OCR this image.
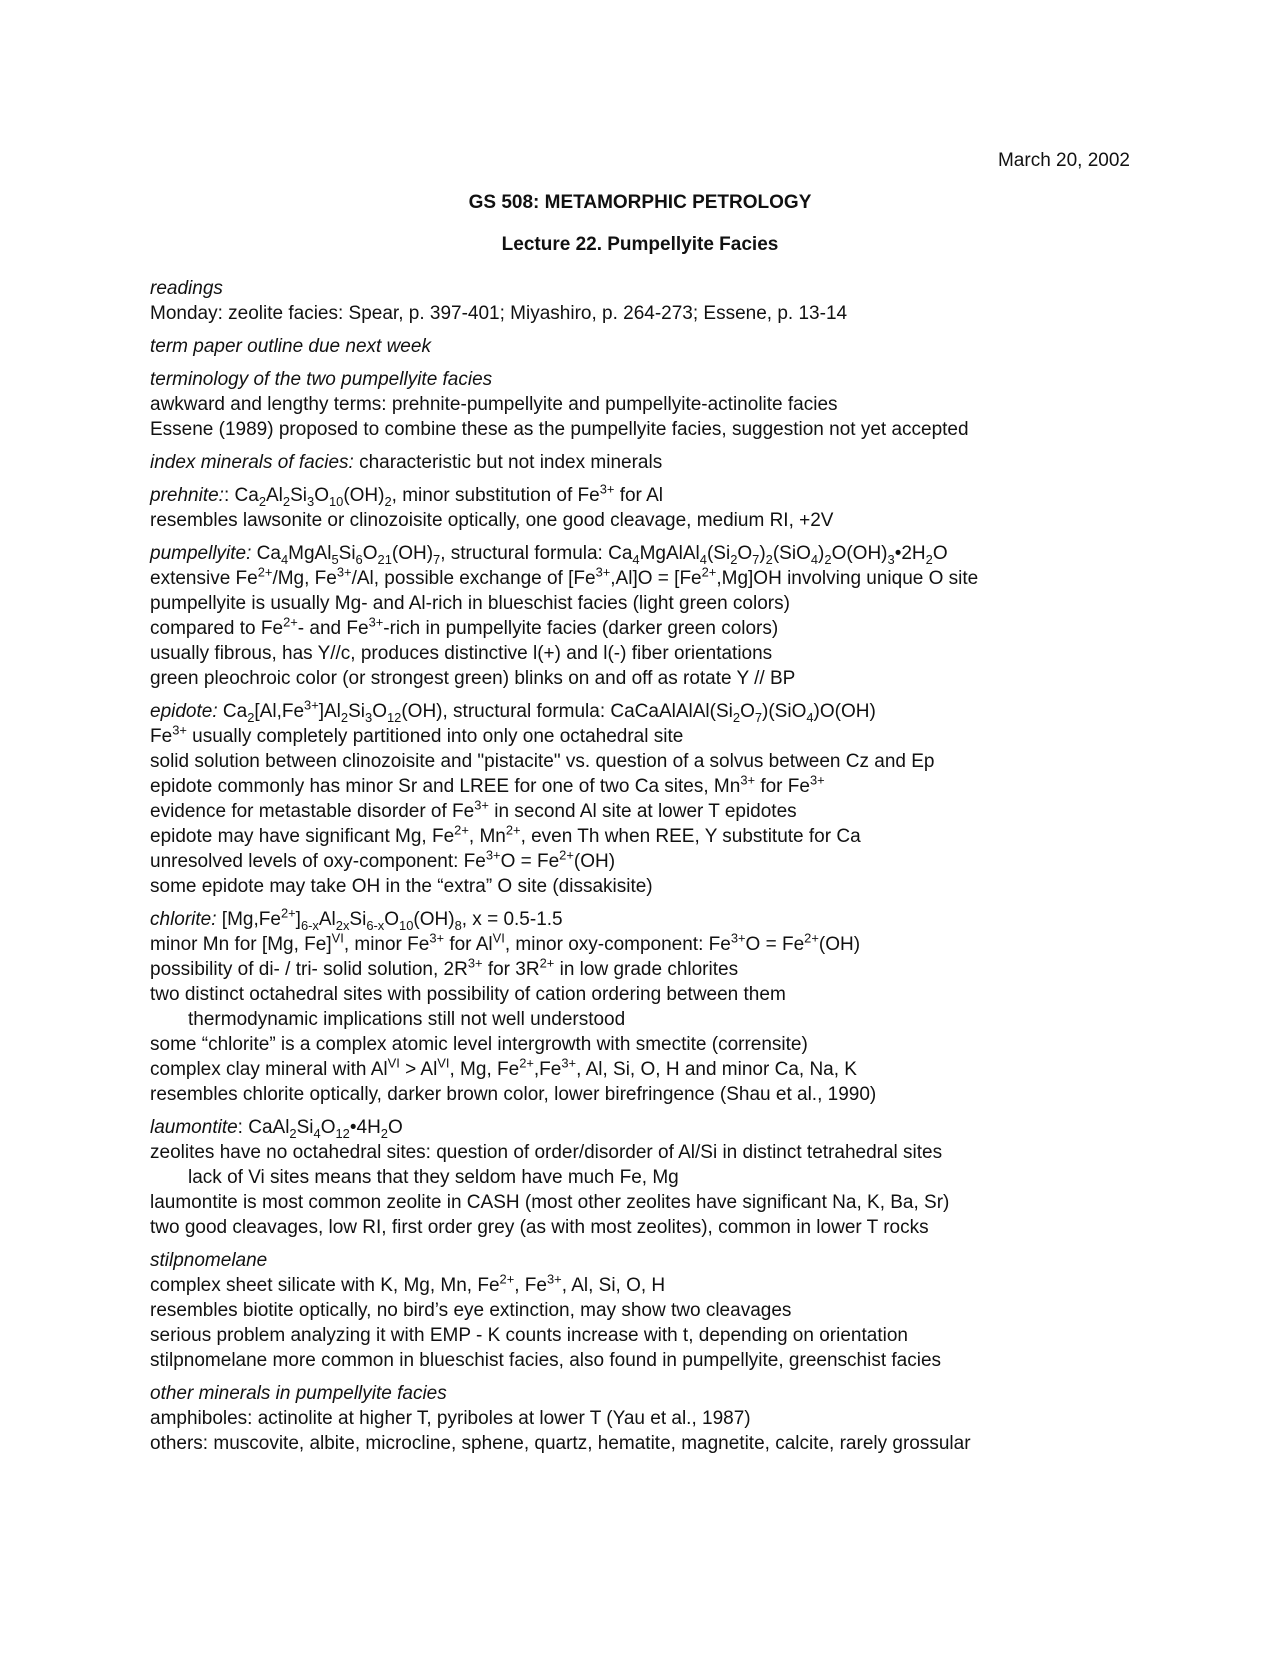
March 20, 2002
GS 508: METAMORPHIC PETROLOGY
Lecture 22. Pumpellyite Facies
readings
Monday: zeolite facies: Spear, p. 397-401; Miyashiro, p. 264-273; Essene, p. 13-14
term paper outline due next week
terminology of the two pumpellyite facies
awkward and lengthy terms: prehnite-pumpellyite and pumpellyite-actinolite facies
Essene (1989) proposed to combine these as the pumpellyite facies, suggestion not yet accepted
index minerals of facies: characteristic but not index minerals
prehnite:: $Ca_2Al_2Si_3O_{10}(OH)_2$, minor substitution of $Fe^{3+}$ for Al
resembles lawsonite or clinozoisite optically, one good cleavage, medium RI, +2V
pumpellyite: $Ca_4MgAl_5Si_6O_{21}(OH)_7$, structural formula: $Ca_4MgAlAl_4(Si_2O_7)_2(SiO_4)_2O(OH)_3•2H_2O$
extensive $Fe^{2+}/Mg$, $Fe^{3+}/Al$, possible exchange of $[Fe^{3+},Al]O = [Fe^{2+},Mg]OH$ involving unique O site
pumpellyite is usually Mg- and Al-rich in blueschist facies (light green colors)
compared to $Fe^{2+}-$ and $Fe^{3+}$-rich in pumpellyite facies (darker green colors)
usually fibrous, has Y//c, produces distinctive l(+) and l(-) fiber orientations
green pleochroic color (or strongest green) blinks on and off as rotate Y // BP
epidote: $Ca_2[Al,Fe^{3+}]Al_2Si_3O_{12}(OH)$, structural formula: $CaCaAlAlAl(Si_2O_7)(SiO_4)O(OH)$
$Fe^{3+}$ usually completely partitioned into only one octahedral site
solid solution between clinozoisite and "pistacite" vs. question of a solvus between Cz and Ep
epidote commonly has minor Sr and LREE for one of two Ca sites, $Mn^{3+}$ for $Fe^{3+}$
evidence for metastable disorder of $Fe^{3+}$ in second Al site at lower T epidotes
epidote may have significant Mg, $Fe^{2+}$, $Mn^{2+}$, even Th when REE, Y substitute for Ca
unresolved levels of oxy-component: $Fe^{3+}O = Fe^{2+}(OH)$
some epidote may take OH in the “extra” O site (dissakisite)
chlorite: $[Mg,Fe^{2+}]_{6-x}Al_{2x}Si_{6-x}O_{10}(OH)_8$, x = 0.5-1.5
minor Mn for [Mg, Fe]$^{VI}$, minor $Fe^{3+}$ for $Al^{VI}$, minor oxy-component: $Fe^{3+}O = Fe^{2+}(OH)$
possibility of di- / tri- solid solution, $2R^{3+}$ for $3R^{2+}$ in low grade chlorites
two distinct octahedral sites with possibility of cation ordering between them
thermodynamic implications still not well understood
some “chlorite” is a complex atomic level intergrowth with smectite (corrensite)
complex clay mineral with $Al^{VI} > Al^{VI}$, Mg, $Fe^{2+},Fe^{3+}$, Al, Si, O, H and minor Ca, Na, K
resembles chlorite optically, darker brown color, lower birefringence (Shau et al., 1990)
laumontite: $CaAl_2Si_4O_{12}•4H_2O$
zeolites have no octahedral sites: question of order/disorder of Al/Si in distinct tetrahedral sites
lack of Vi sites means that they seldom have much Fe, Mg
laumontite is most common zeolite in CASH (most other zeolites have significant Na, K, Ba, Sr)
two good cleavages, low RI, first order grey (as with most zeolites), common in lower T rocks
stilpnomelane
complex sheet silicate with K, Mg, Mn, $Fe^{2+}$, $Fe^{3+}$, Al, Si, O, H
resembles biotite optically, no bird’s eye extinction, may show two cleavages
serious problem analyzing it with EMP - K counts increase with t, depending on orientation
stilpnomelane more common in blueschist facies, also found in pumpellyite, greenschist facies
other minerals in pumpellyite facies
amphiboles: actinolite at higher T, pyriboles at lower T (Yau et al., 1987)
others: muscovite, albite, microcline, sphene, quartz, hematite, magnetite, calcite, rarely grossular
